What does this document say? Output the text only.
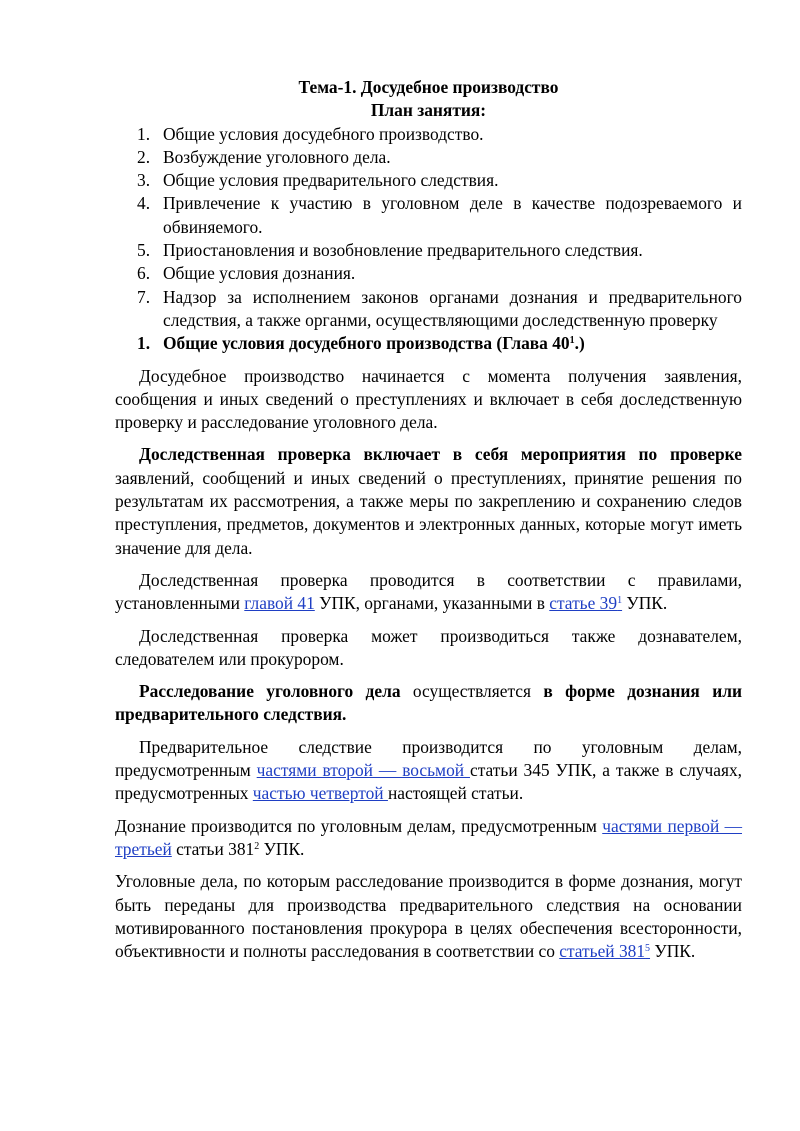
Тема-1. Досудебное производство
План занятия:

1. Общие условия досудебного производство.
2. Возбуждение уголовного дела.
3. Общие условия предварительного следствия.
4. Привлечение к участию в уголовном деле в качестве подозреваемого и обвиняемого.
5. Приостановления и возобновление предварительного следствия.
6. Общие условия дознания.
7. Надзор за исполнением законов органами дознания и предварительного следствия, а также органми, осуществляющими доследственную проверку

1. Общие условия досудебного производства (Глава $40^1$.)

Досудебное производство начинается с момента получения заявления, сообщения и иных сведений о преступлениях и включает в себя доследственную проверку и расследование уголовного дела.

Доследственная проверка включает в себя мероприятия по проверке заявлений, сообщений и иных сведений о преступлениях, принятие решения по результатам их рассмотрения, а также меры по закреплению и сохранению следов преступления, предметов, документов и электронных данных, которые могут иметь значение для дела.

Доследственная проверка проводится в соответствии с правилами, установленными главой 41 УПК, органами, указанными в статье $39^1$ УПК.

Доследственная проверка может производиться также дознавателем, следователем или прокурором.

Расследование уголовного дела осуществляется в форме дознания или предварительного следствия.

Предварительное следствие производится по уголовным делам, предусмотренным частями второй — восьмой статьи 345 УПК, а также в случаях, предусмотренных частью четвертой настоящей статьи.

Дознание производится по уголовным делам, предусмотренным частями первой — третьей статьи $381^2$ УПК.

Уголовные дела, по которым расследование производится в форме дознания, могут быть переданы для производства предварительного следствия на основании мотивированного постановления прокурора в целях обеспечения всесторонности, объективности и полноты расследования в соответствии со статьей $381^5$ УПК.
